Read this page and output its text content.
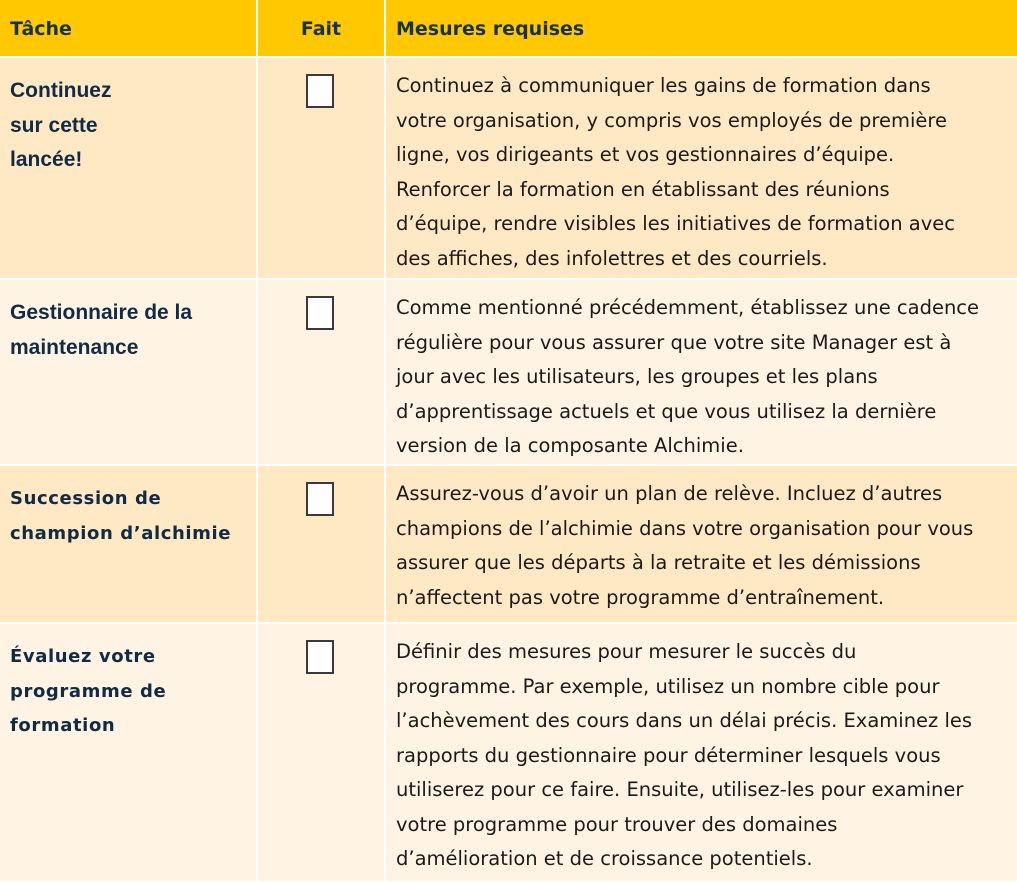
Tâche	Fait	Mesures requises
Continuez
sur cette
lancée!
Continuez à communiquer les gains de formation dans
votre organisation, y compris vos employés de première
ligne, vos dirigeants et vos gestionnaires d’équipe.
Renforcer la formation en établissant des réunions
d’équipe, rendre visibles les initiatives de formation avec
des affiches, des infolettres et des courriels.
Gestionnaire de la
maintenance
Comme mentionné précédemment, établissez une cadence
régulière pour vous assurer que votre site Manager est à
jour avec les utilisateurs, les groupes et les plans
d’apprentissage actuels et que vous utilisez la dernière
version de la composante Alchimie.
Succession de
champion d’alchimie
Assurez-vous d’avoir un plan de relève. Incluez d’autres
champions de l’alchimie dans votre organisation pour vous
assurer que les départs à la retraite et les démissions
n’affectent pas votre programme d’entraînement.
Évaluez votre
programme de
formation
Définir des mesures pour mesurer le succès du
programme. Par exemple, utilisez un nombre cible pour
l’achèvement des cours dans un délai précis. Examinez les
rapports du gestionnaire pour déterminer lesquels vous
utiliserez pour ce faire. Ensuite, utilisez-les pour examiner
votre programme pour trouver des domaines
d’amélioration et de croissance potentiels.
